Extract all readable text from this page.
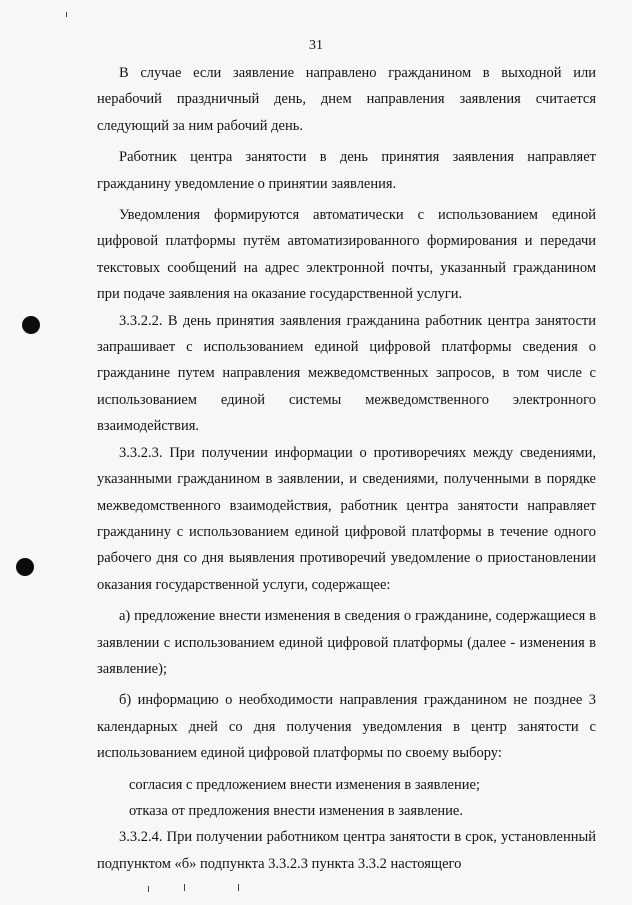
31

В случае если заявление направлено гражданином в выходной или нерабочий праздничный день, днем направления заявления считается следующий за ним рабочий день.

Работник центра занятости в день принятия заявления направляет гражданину уведомление о принятии заявления.

Уведомления формируются автоматически с использованием единой цифровой платформы путём автоматизированного формирования и передачи текстовых сообщений на адрес электронной почты, указанный гражданином при подаче заявления на оказание государственной услуги.

3.3.2.2. В день принятия заявления гражданина работник центра занятости запрашивает с использованием единой цифровой платформы сведения о гражданине путем направления межведомственных запросов, в том числе с использованием единой системы межведомственного электронного взаимодействия.

3.3.2.3. При получении информации о противоречиях между сведениями, указанными гражданином в заявлении, и сведениями, полученными в порядке межведомственного взаимодействия, работник центра занятости направляет гражданину с использованием единой цифровой платформы в течение одного рабочего дня со дня выявления противоречий уведомление о приостановлении оказания государственной услуги, содержащее:

а) предложение внести изменения в сведения о гражданине, содержащиеся в заявлении с использованием единой цифровой платформы (далее - изменения в заявление);

б) информацию о необходимости направления гражданином не позднее 3 календарных дней со дня получения уведомления в центр занятости с использованием единой цифровой платформы по своему выбору:

согласия с предложением внести изменения в заявление;

отказа от предложения внести изменения в заявление.

3.3.2.4. При получении работником центра занятости в срок, установленный подпунктом «б» подпункта 3.3.2.3 пункта 3.3.2 настоящего
